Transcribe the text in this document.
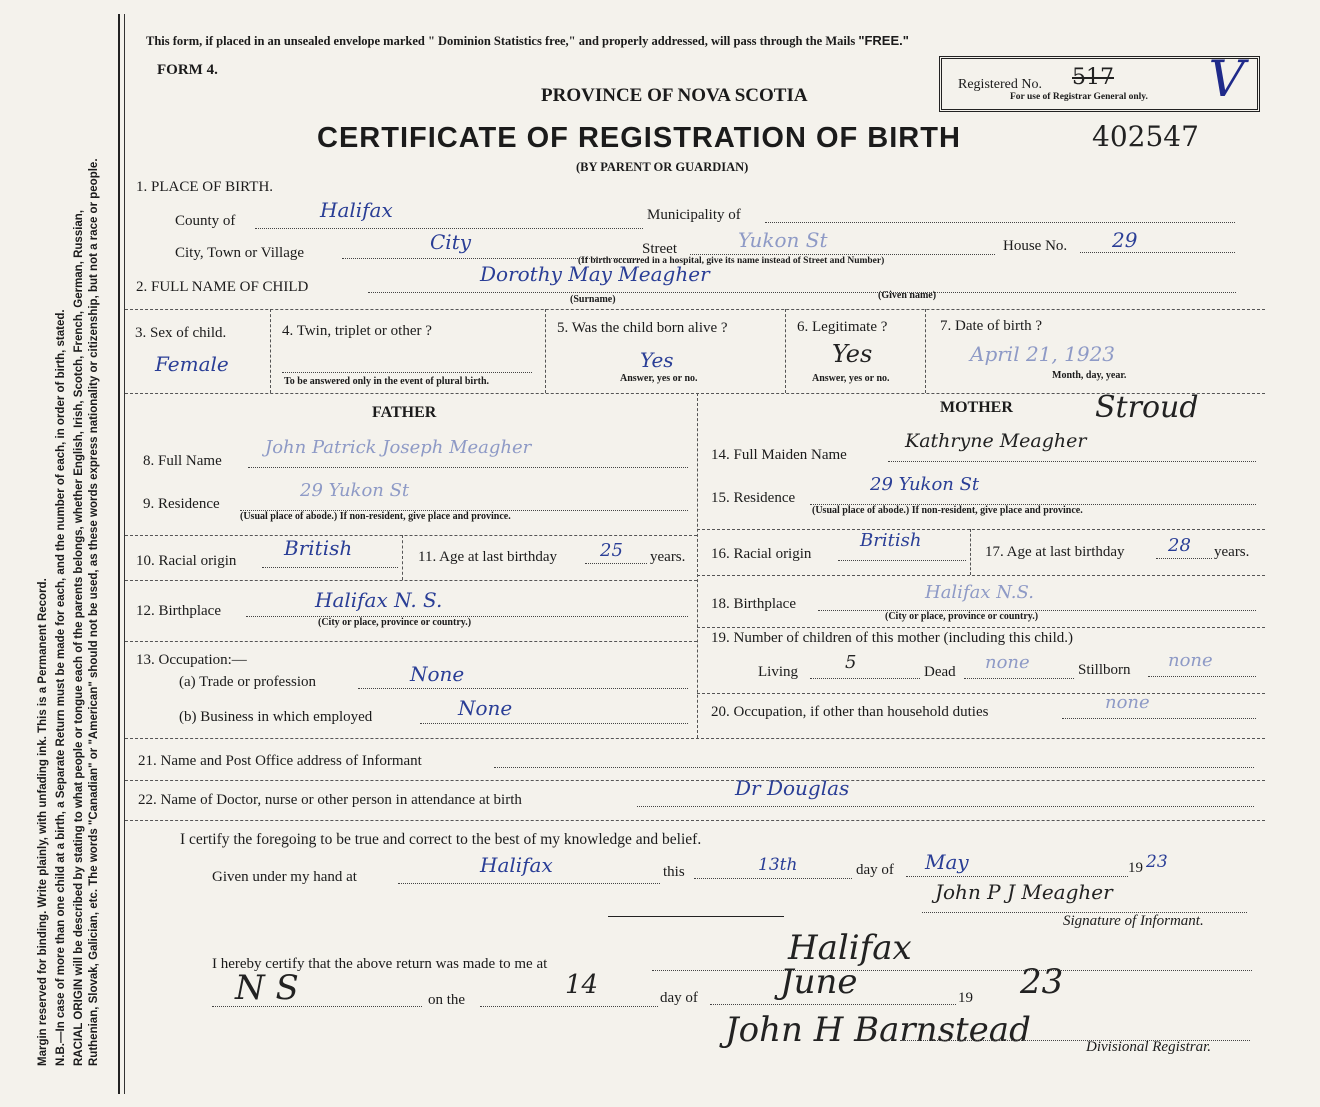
Margin reserved for binding. Write plainly, with unfading ink. This is a Permanent Record. N.B.—In case of more than one child at a birth, a Separate Return must be made for each, and the number of each, in order of birth, stated. RACIAL ORIGIN will be described by stating to what people or tongue each of the parents belongs, whether English, Irish, Scotch, French, German, Russian, Ruthenian, Slovak, Galician, etc. The words "Canadian" or "American" should not be used, as these words express nationality or citizenship, but not a race or people.
This form, if placed in an unsealed envelope marked " Dominion Statistics free," and properly addressed, will pass through the Mails "FREE."
FORM 4.
PROVINCE OF NOVA SCOTIA
CERTIFICATE OF REGISTRATION OF BIRTH	402547
(BY PARENT OR GUARDIAN)
Registered No. 517
For use of Registrar General only. V
1. PLACE OF BIRTH.
County of	Halifax	Municipality of
City, Town or Village	City	Street	Yukon St
(If birth occurred in a hospital, give its name instead of Street and Number)
House No. 29
2. FULL NAME OF CHILD
Dorothy May Meagher
(Surname)	(Given name)
3. Sex of child.
Female
4. Twin, triplet or other ?
To be answered only in the event of plural birth.
5. Was the child born alive ?
Yes
Answer, yes or no.
6. Legitimate ?
Yes
Answer, yes or no.
7. Date of birth ?
April 21, 1923
Month, day, year.
FATHER	MOTHER	Stroud
8. Full Name
John Patrick Joseph Meagher
9. Residence
29 Yukon St
(Usual place of abode.) If non-resident, give place and province.
10. Racial origin
British	11. Age at last birthday 25 years.
12. Birthplace	Halifax N. S.
(City or place, province or country.)
13. Occupation:—
(a) Trade or profession	None
(b) Business in which employed	None
14. Full Maiden Name
Kathryne Meagher
15. Residence
29 Yukon St
(Usual place of abode.) If non-resident, give place and province.
16. Racial origin
British
17. Age at last birthday 28 years.
18. Birthplace
Halifax N.S.
(City or place, province or country.)
19. Number of children of this mother (including this child.)
Living	5	Dead none	Stillborn none
20. Occupation, if other than household duties	none
21. Name and Post Office address of Informant
22. Name of Doctor, nurse or other person in attendance at birth	Dr Douglas
I certify the foregoing to be true and correct to the best of my knowledge and belief.
Given under my hand at	Halifax	this	13th	day of May	19 23
John P J Meagher
Signature of Informant.
I hereby certify that the above return was made to me at	Halifax
N S	on the	14	day of June	19 23
John H Barnstead	Divisional Registrar.
